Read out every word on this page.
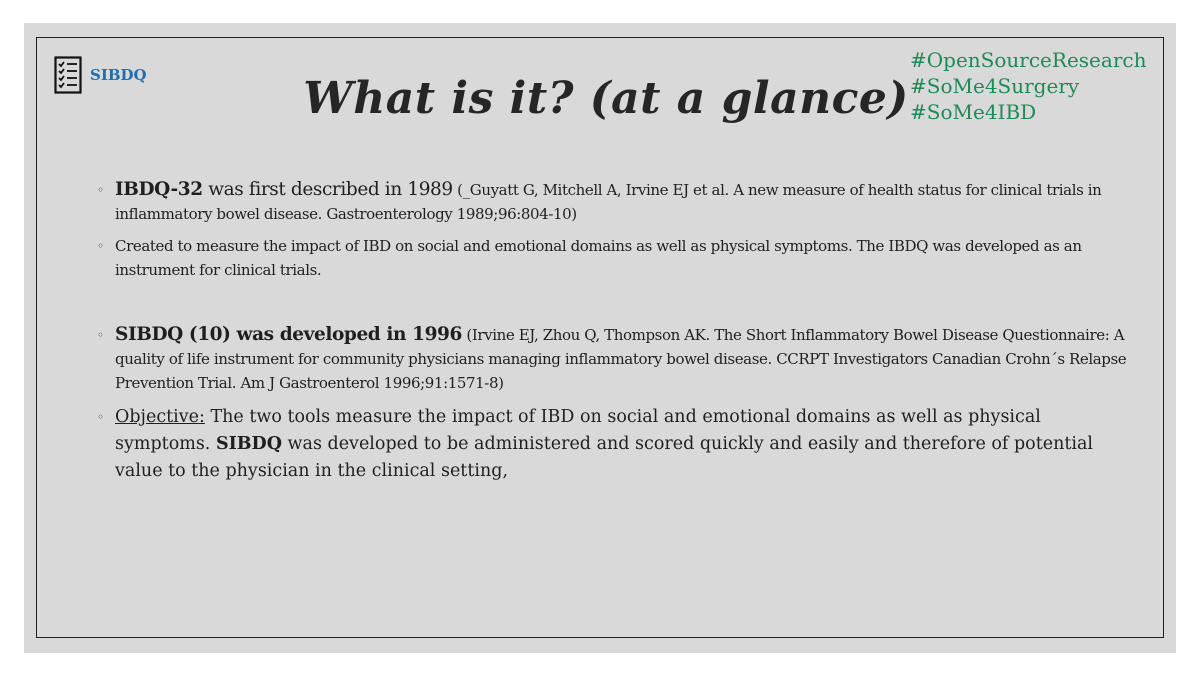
SIBDQ	What is it? (at a glance)
#OpenSourceResearch
#SoMe4Surgery
#SoMe4IBD
◦ IBDQ-32 was first described in 1989 (_Guyatt G, Mitchell A, Irvine EJ et al. A new measure of health status for clinical trials in inflammatory bowel disease. Gastroenterology 1989;96:804-10)
◦ Created to measure the impact of IBD on social and emotional domains as well as physical symptoms. The IBDQ was developed as an instrument for clinical trials.
◦ SIBDQ (10) was developed in 1996 (Irvine EJ, Zhou Q, Thompson AK. The Short Inflammatory Bowel Disease Questionnaire: A quality of life instrument for community physicians managing inflammatory bowel disease. CCRPT Investigators Canadian Crohn´s Relapse Prevention Trial. Am J Gastroenterol 1996;91:1571-8)
◦ Objective: The two tools measure the impact of IBD on social and emotional domains as well as physical symptoms. SIBDQ was developed to be administered and scored quickly and easily and therefore of potential value to the physician in the clinical setting,
